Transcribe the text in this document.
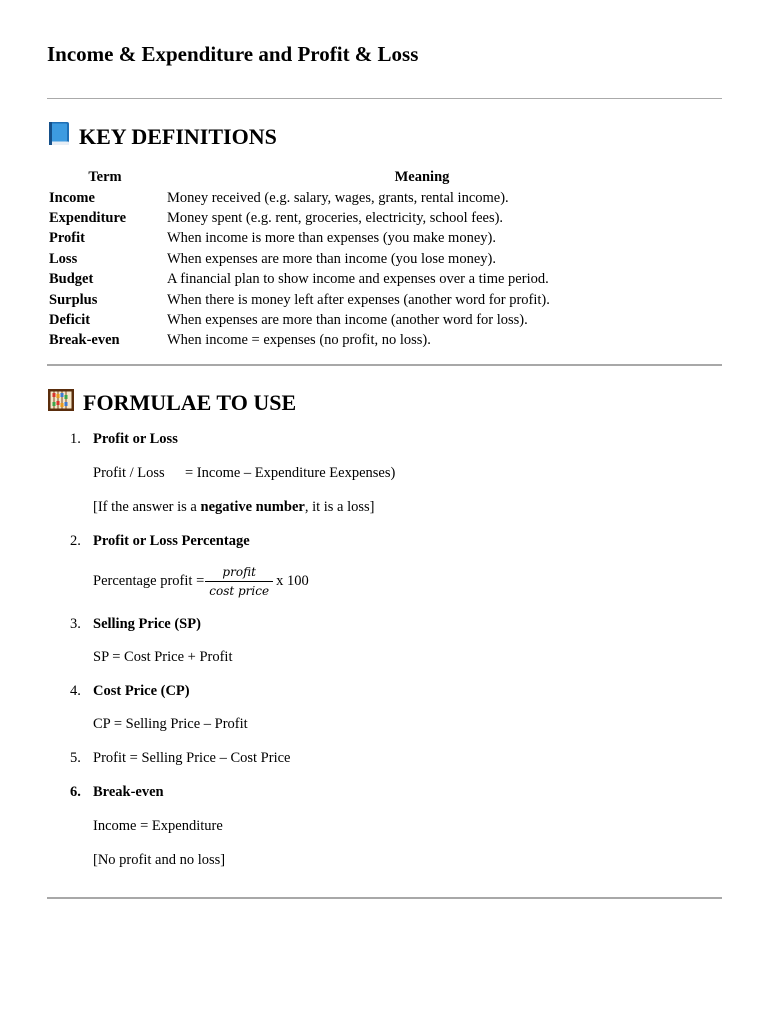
Income & Expenditure and Profit & Loss
KEY DEFINITIONS
Term	Meaning
Income	Money received (e.g. salary, wages, grants, rental income).
Expenditure	Money spent (e.g. rent, groceries, electricity, school fees).
Profit	When income is more than expenses (you make money).
Loss	When expenses are more than income (you lose money).
Budget	A financial plan to show income and expenses over a time period.
Surplus	When there is money left after expenses (another word for profit).
Deficit	When expenses are more than income (another word for loss).
Break-even	When income = expenses (no profit, no loss).
FORMULAE TO USE
1. Profit or Loss
Profit / Loss = Income – Expenditure Eexpenses)
[If the answer is a negative number, it is a loss]
2. Profit or Loss Percentage
Percentage profit = $\frac{\text{profit}}{\text{cost price}}$ x 100
3. Selling Price (SP)
SP = Cost Price + Profit
4. Cost Price (CP)
CP = Selling Price – Profit
5. Profit = Selling Price – Cost Price
6. Break-even
Income = Expenditure
[No profit and no loss]
